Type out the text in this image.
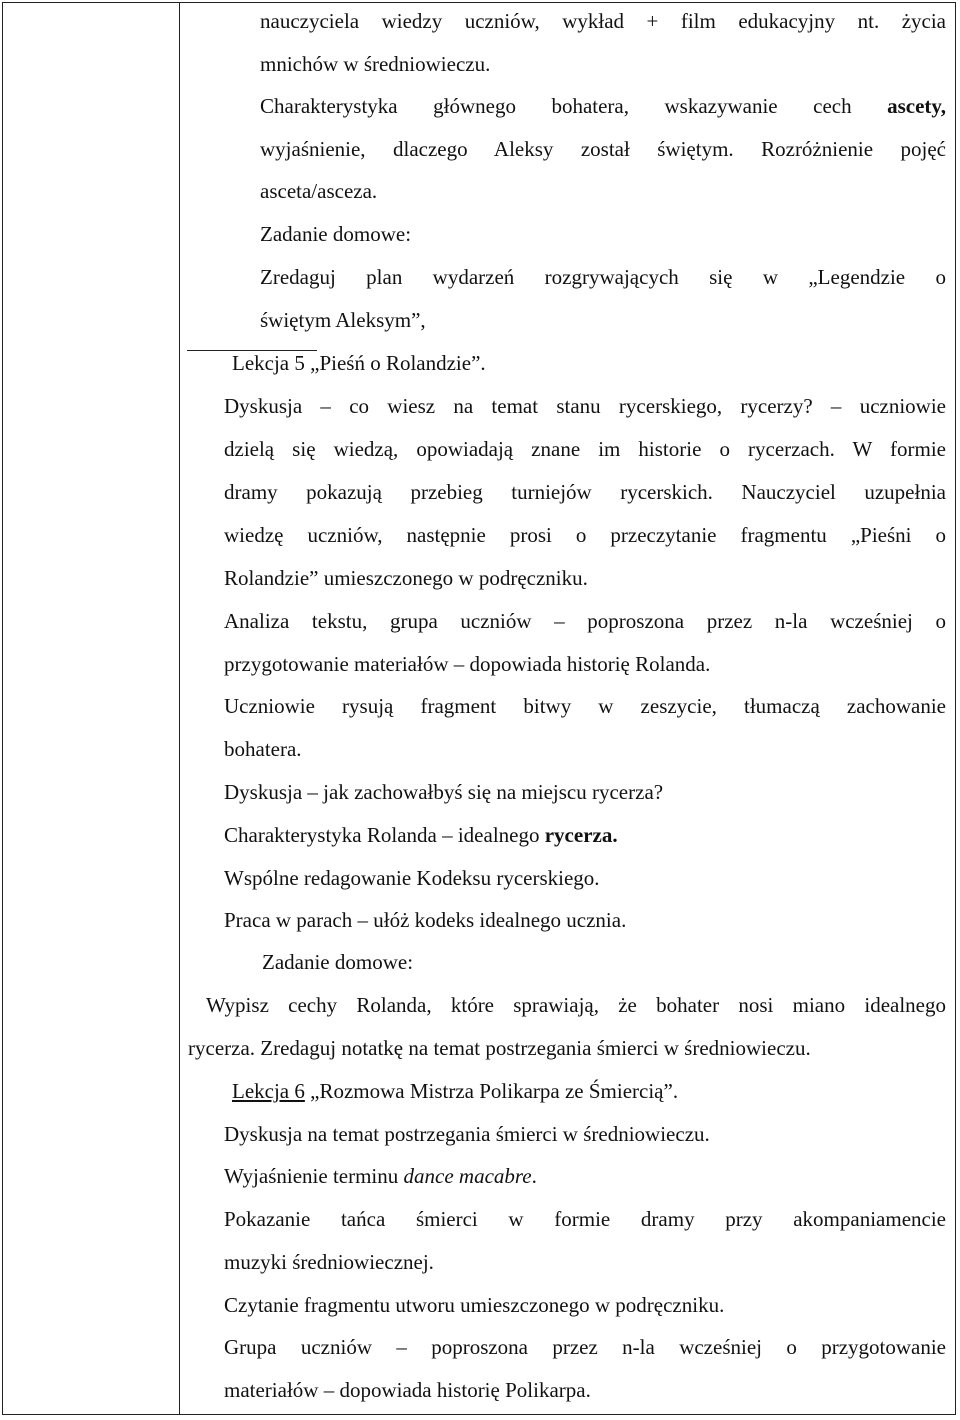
nauczyciela wiedzy uczniów, wykład + film edukacyjny nt. życia
mnichów w średniowieczu.
Charakterystyka głównego bohatera, wskazywanie cech ascety,
wyjaśnienie, dlaczego Aleksy został świętym. Rozróżnienie pojęć
asceta/asceza.
Zadanie domowe:
Zredaguj plan wydarzeń rozgrywających się w „Legendzie o
świętym Aleksym”,
Lekcja 5 „Pieśń o Rolandzie”.
Dyskusja – co wiesz na temat stanu rycerskiego, rycerzy? – uczniowie
dzielą się wiedzą, opowiadają znane im historie o rycerzach. W formie
dramy pokazują przebieg turniejów rycerskich. Nauczyciel uzupełnia
wiedzę uczniów, następnie prosi o przeczytanie fragmentu „Pieśni o
Rolandzie” umieszczonego w podręczniku.
Analiza tekstu, grupa uczniów – poproszona przez n-la wcześniej o
przygotowanie materiałów – dopowiada historię Rolanda.
Uczniowie rysują fragment bitwy w zeszycie, tłumaczą zachowanie
bohatera.
Dyskusja – jak zachowałbyś się na miejscu rycerza?
Charakterystyka Rolanda – idealnego rycerza.
Wspólne redagowanie Kodeksu rycerskiego.
Praca w parach – ułóż kodeks idealnego ucznia.
Zadanie domowe:
Wypisz cechy Rolanda, które sprawiają, że bohater nosi miano idealnego
rycerza. Zredaguj notatkę na temat postrzegania śmierci w średniowieczu.
Lekcja 6 „Rozmowa Mistrza Polikarpa ze Śmiercią”.
Dyskusja na temat postrzegania śmierci w średniowieczu.
Wyjaśnienie terminu dance macabre.
Pokazanie tańca śmierci w formie dramy przy akompaniamencie
muzyki średniowiecznej.
Czytanie fragmentu utworu umieszczonego w podręczniku.
Grupa uczniów – poproszona przez n-la wcześniej o przygotowanie
materiałów – dopowiada historię Polikarpa.
